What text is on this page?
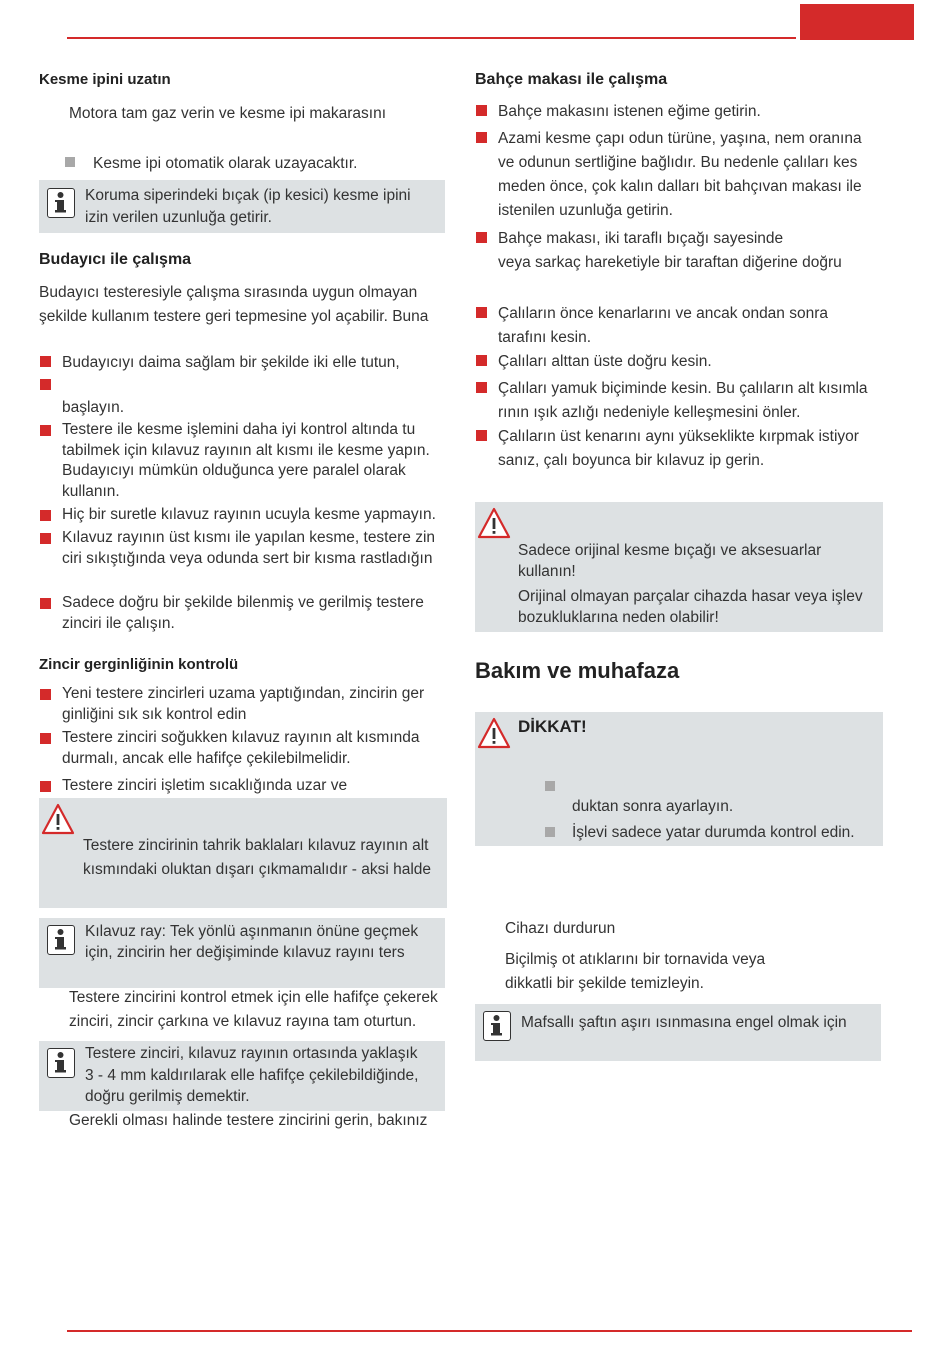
Kesme ipini uzatın
Motora tam gaz verin ve kesme ipi makarasını
Kesme ipi otomatik olarak uzayacaktır.
Koruma siperindeki bıçak (ip kesici) kesme ipini
izin verilen uzunluğa getirir.
Budayıcı ile çalışma
Budayıcı testeresiyle çalışma sırasında uygun olmayan
şekilde kullanım testere geri tepmesine yol açabilir. Buna
Budayıcıyı daima sağlam bir şekilde iki elle tutun,
başlayın.
Testere ile kesme işlemini daha iyi kontrol altında tu
tabilmek için kılavuz rayının alt kısmı ile kesme yapın.
Budayıcıyı mümkün olduğunca yere paralel olarak
kullanın.
Hiç bir suretle kılavuz rayının ucuyla kesme yapmayın.
Kılavuz rayının üst kısmı ile yapılan kesme, testere zin
ciri sıkıştığında veya odunda sert bir kısma rastladığın
Sadece doğru bir şekilde bilenmiş ve gerilmiş testere
zinciri ile çalışın.
Zincir gerginliğinin kontrolü
Yeni testere zincirleri uzama yaptığından, zincirin ger
ginliğini sık sık kontrol edin
Testere zinciri soğukken kılavuz rayının alt kısmında
durmalı, ancak elle hafifçe çekilebilmelidir.
Testere zinciri işletim sıcaklığında uzar ve
Testere zincirinin tahrik baklaları kılavuz rayının alt
kısmındaki oluktan dışarı çıkmamalıdır - aksi halde
Kılavuz ray: Tek yönlü aşınmanın önüne geçmek
için, zincirin her değişiminde kılavuz rayını ters
Testere zincirini kontrol etmek için elle hafifçe çekerek
zinciri, zincir çarkına ve kılavuz rayına tam oturtun.
Testere zinciri, kılavuz rayının ortasında yaklaşık
3 - 4 mm kaldırılarak elle hafifçe çekilebildiğinde,
doğru gerilmiş demektir.
Gerekli olması halinde testere zincirini gerin, bakınız
Bahçe makası ile çalışma
Bahçe makasını istenen eğime getirin.
Azami kesme çapı odun türüne, yaşına, nem oranına
ve odunun sertliğine bağlıdır. Bu nedenle çalıları kes
meden önce, çok kalın dalları bit bahçıvan makası ile
istenilen uzunluğa getirin.
Bahçe makası, iki taraflı bıçağı sayesinde
veya sarkaç hareketiyle bir taraftan diğerine doğru
Çalıların önce kenarlarını ve ancak ondan sonra
tarafını kesin.
Çalıları alttan üste doğru kesin.
Çalıları yamuk biçiminde kesin. Bu çalıların alt kısımla
rının ışık azlığı nedeniyle kelleşmesini önler.
Çalıların üst kenarını aynı yükseklikte kırpmak istiyor
sanız, çalı boyunca bir kılavuz ip gerin.
Sadece orijinal kesme bıçağı ve aksesuarlar
kullanın!
Orijinal olmayan parçalar cihazda hasar veya işlev
bozukluklarına neden olabilir!
Bakım ve muhafaza
DİKKAT!
duktan sonra ayarlayın.
İşlevi sadece yatar durumda kontrol edin.
Cihazı durdurun
Biçilmiş ot atıklarını bir tornavida veya
dikkatli bir şekilde temizleyin.
Mafsallı şaftın aşırı ısınmasına engel olmak için
